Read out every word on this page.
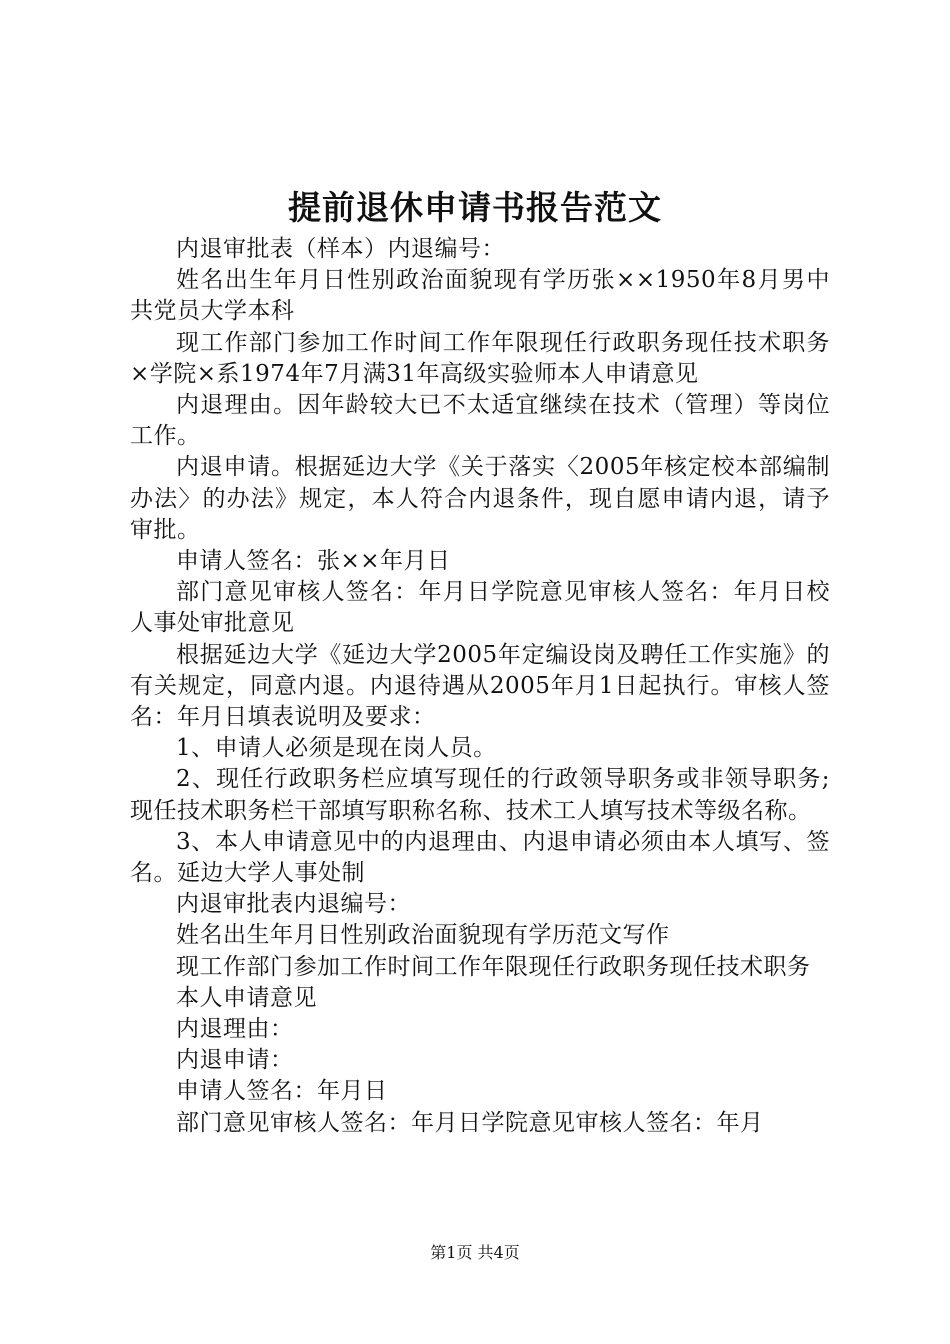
提前退休申请书报告范文

内退审批表（样本）内退编号：

姓名出生年月日性别政治面貌现有学历张××1950年8月男中共党员大学本科

现工作部门参加工作时间工作年限现任行政职务现任技术职务×学院×系1974年7月满31年高级实验师本人申请意见

内退理由。因年龄较大已不太适宜继续在技术（管理）等岗位工作。

内退申请。根据延边大学《关于落实〈2005年核定校本部编制办法〉的办法》规定，本人符合内退条件，现自愿申请内退，请予审批。

申请人签名：张××年月日

部门意见审核人签名：年月日学院意见审核人签名：年月日校人事处审批意见

根据延边大学《延边大学2005年定编设岗及聘任工作实施》的有关规定，同意内退。内退待遇从2005年月1日起执行。审核人签名：年月日填表说明及要求：

1、申请人必须是现在岗人员。

2、现任行政职务栏应填写现任的行政领导职务或非领导职务;现任技术职务栏干部填写职称名称、技术工人填写技术等级名称。

3、本人申请意见中的内退理由、内退申请必须由本人填写、签名。延边大学人事处制

内退审批表内退编号：

姓名出生年月日性别政治面貌现有学历范文写作

现工作部门参加工作时间工作年限现任行政职务现任技术职务

本人申请意见

内退理由：

内退申请：

申请人签名：年月日

部门意见审核人签名：年月日学院意见审核人签名：年月

第1页 共4页
